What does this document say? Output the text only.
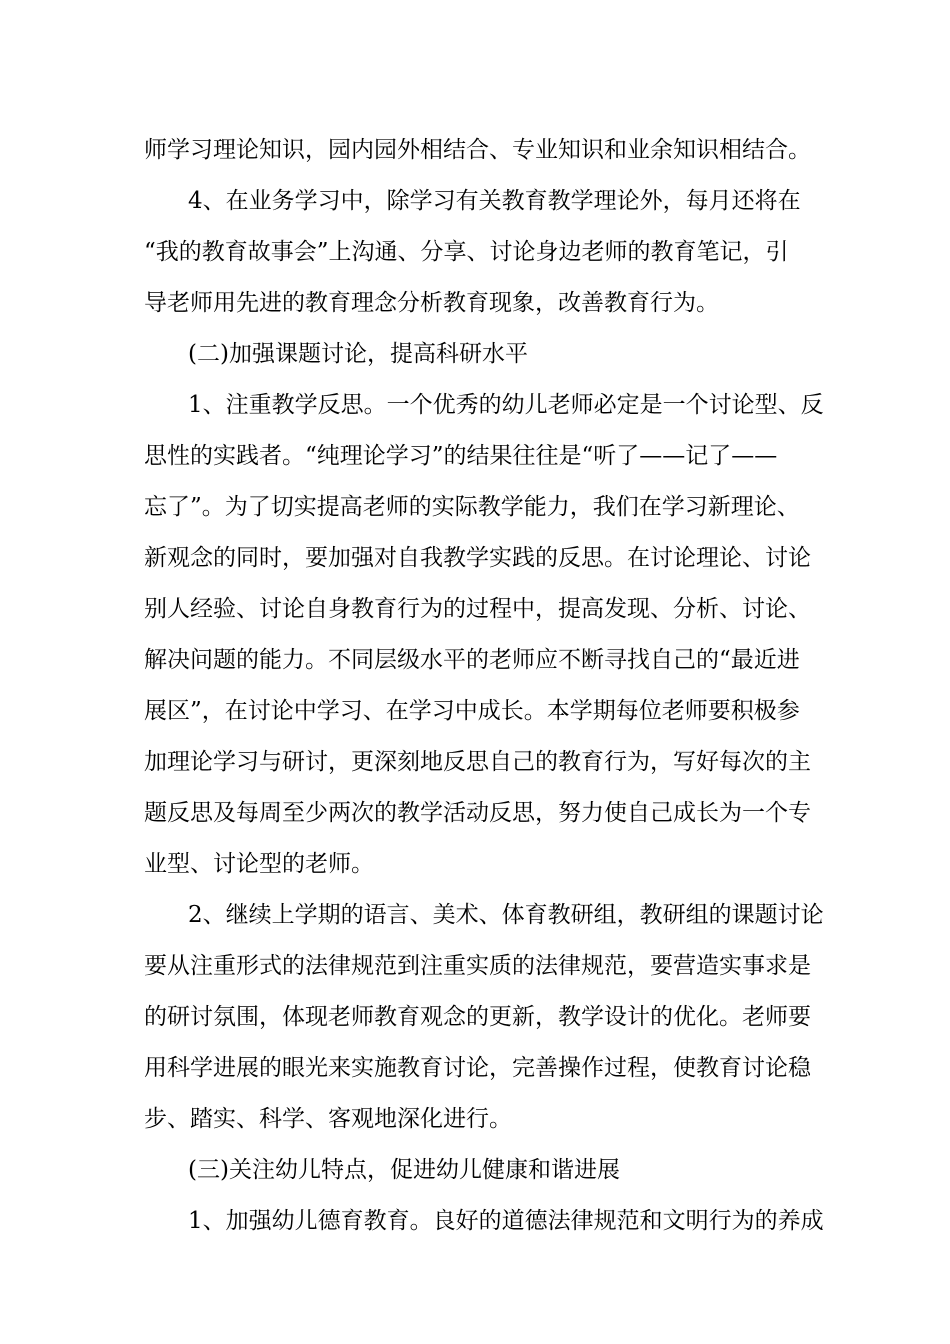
师学习理论知识，园内园外相结合、专业知识和业余知识相结合。
4、在业务学习中，除学习有关教育教学理论外，每月还将在
“我的教育故事会”上沟通、分享、讨论身边老师的教育笔记，引
导老师用先进的教育理念分析教育现象，改善教育行为。
(二)加强课题讨论，提高科研水平
1、注重教学反思。一个优秀的幼儿老师必定是一个讨论型、反
思性的实践者。“纯理论学习”的结果往往是“听了——记了——
忘了”。为了切实提高老师的实际教学能力，我们在学习新理论、
新观念的同时，要加强对自我教学实践的反思。在讨论理论、讨论
别人经验、讨论自身教育行为的过程中，提高发现、分析、讨论、
解决问题的能力。不同层级水平的老师应不断寻找自己的“最近进
展区”，在讨论中学习、在学习中成长。本学期每位老师要积极参
加理论学习与研讨，更深刻地反思自己的教育行为，写好每次的主
题反思及每周至少两次的教学活动反思，努力使自己成长为一个专
业型、讨论型的老师。
2、继续上学期的语言、美术、体育教研组，教研组的课题讨论
要从注重形式的法律规范到注重实质的法律规范，要营造实事求是
的研讨氛围，体现老师教育观念的更新，教学设计的优化。老师要
用科学进展的眼光来实施教育讨论，完善操作过程，使教育讨论稳
步、踏实、科学、客观地深化进行。
(三)关注幼儿特点，促进幼儿健康和谐进展
1、加强幼儿德育教育。良好的道德法律规范和文明行为的养成
